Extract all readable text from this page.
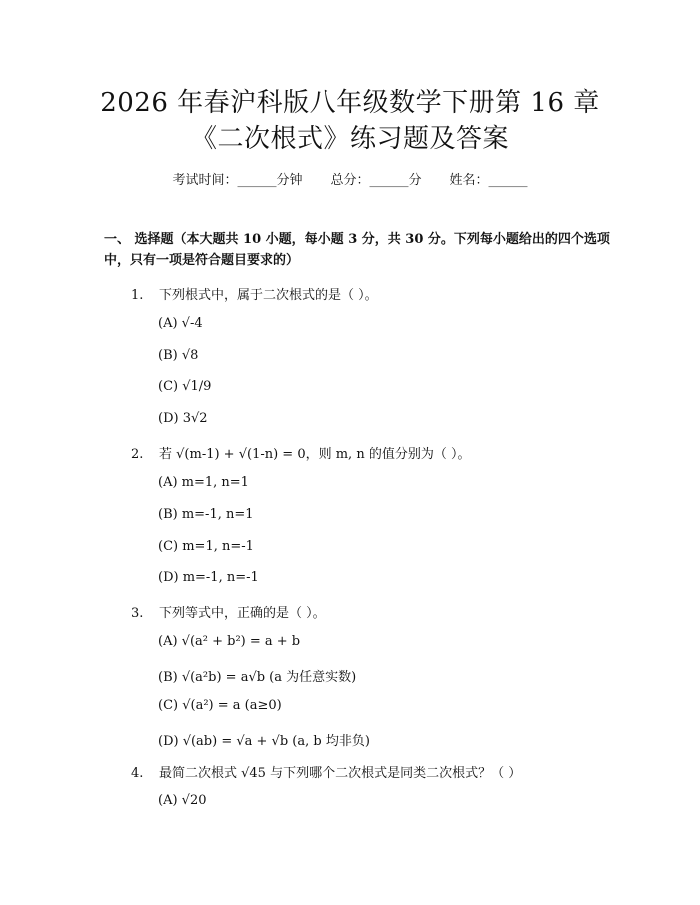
2026 年春沪科版八年级数学下册第 16 章
《二次根式》练习题及答案
考试时间：______分钟 总分：______分 姓名：______
一、 选择题（本大题共 10 小题，每小题 3 分，共 30 分。下列每小题给出的四个选项中，只有一项是符合题目要求的）
1. 下列根式中，属于二次根式的是（ ）。
(A) √-4
(B) √8
(C) √1/9
(D) 3√2
2. 若 √(m-1) + √(1-n) = 0，则 m, n 的值分别为（ ）。
(A) m=1, n=1
(B) m=-1, n=1
(C) m=1, n=-1
(D) m=-1, n=-1
3. 下列等式中，正确的是（ ）。
(A) √(a² + b²) = a + b
(B) √(a²b) = a√b (a 为任意实数)
(C) √(a²) = a (a≥0)
(D) √(ab) = √a + √b (a, b 均非负)
4. 最简二次根式 √45 与下列哪个二次根式是同类二次根式？（ ）
(A) √20
